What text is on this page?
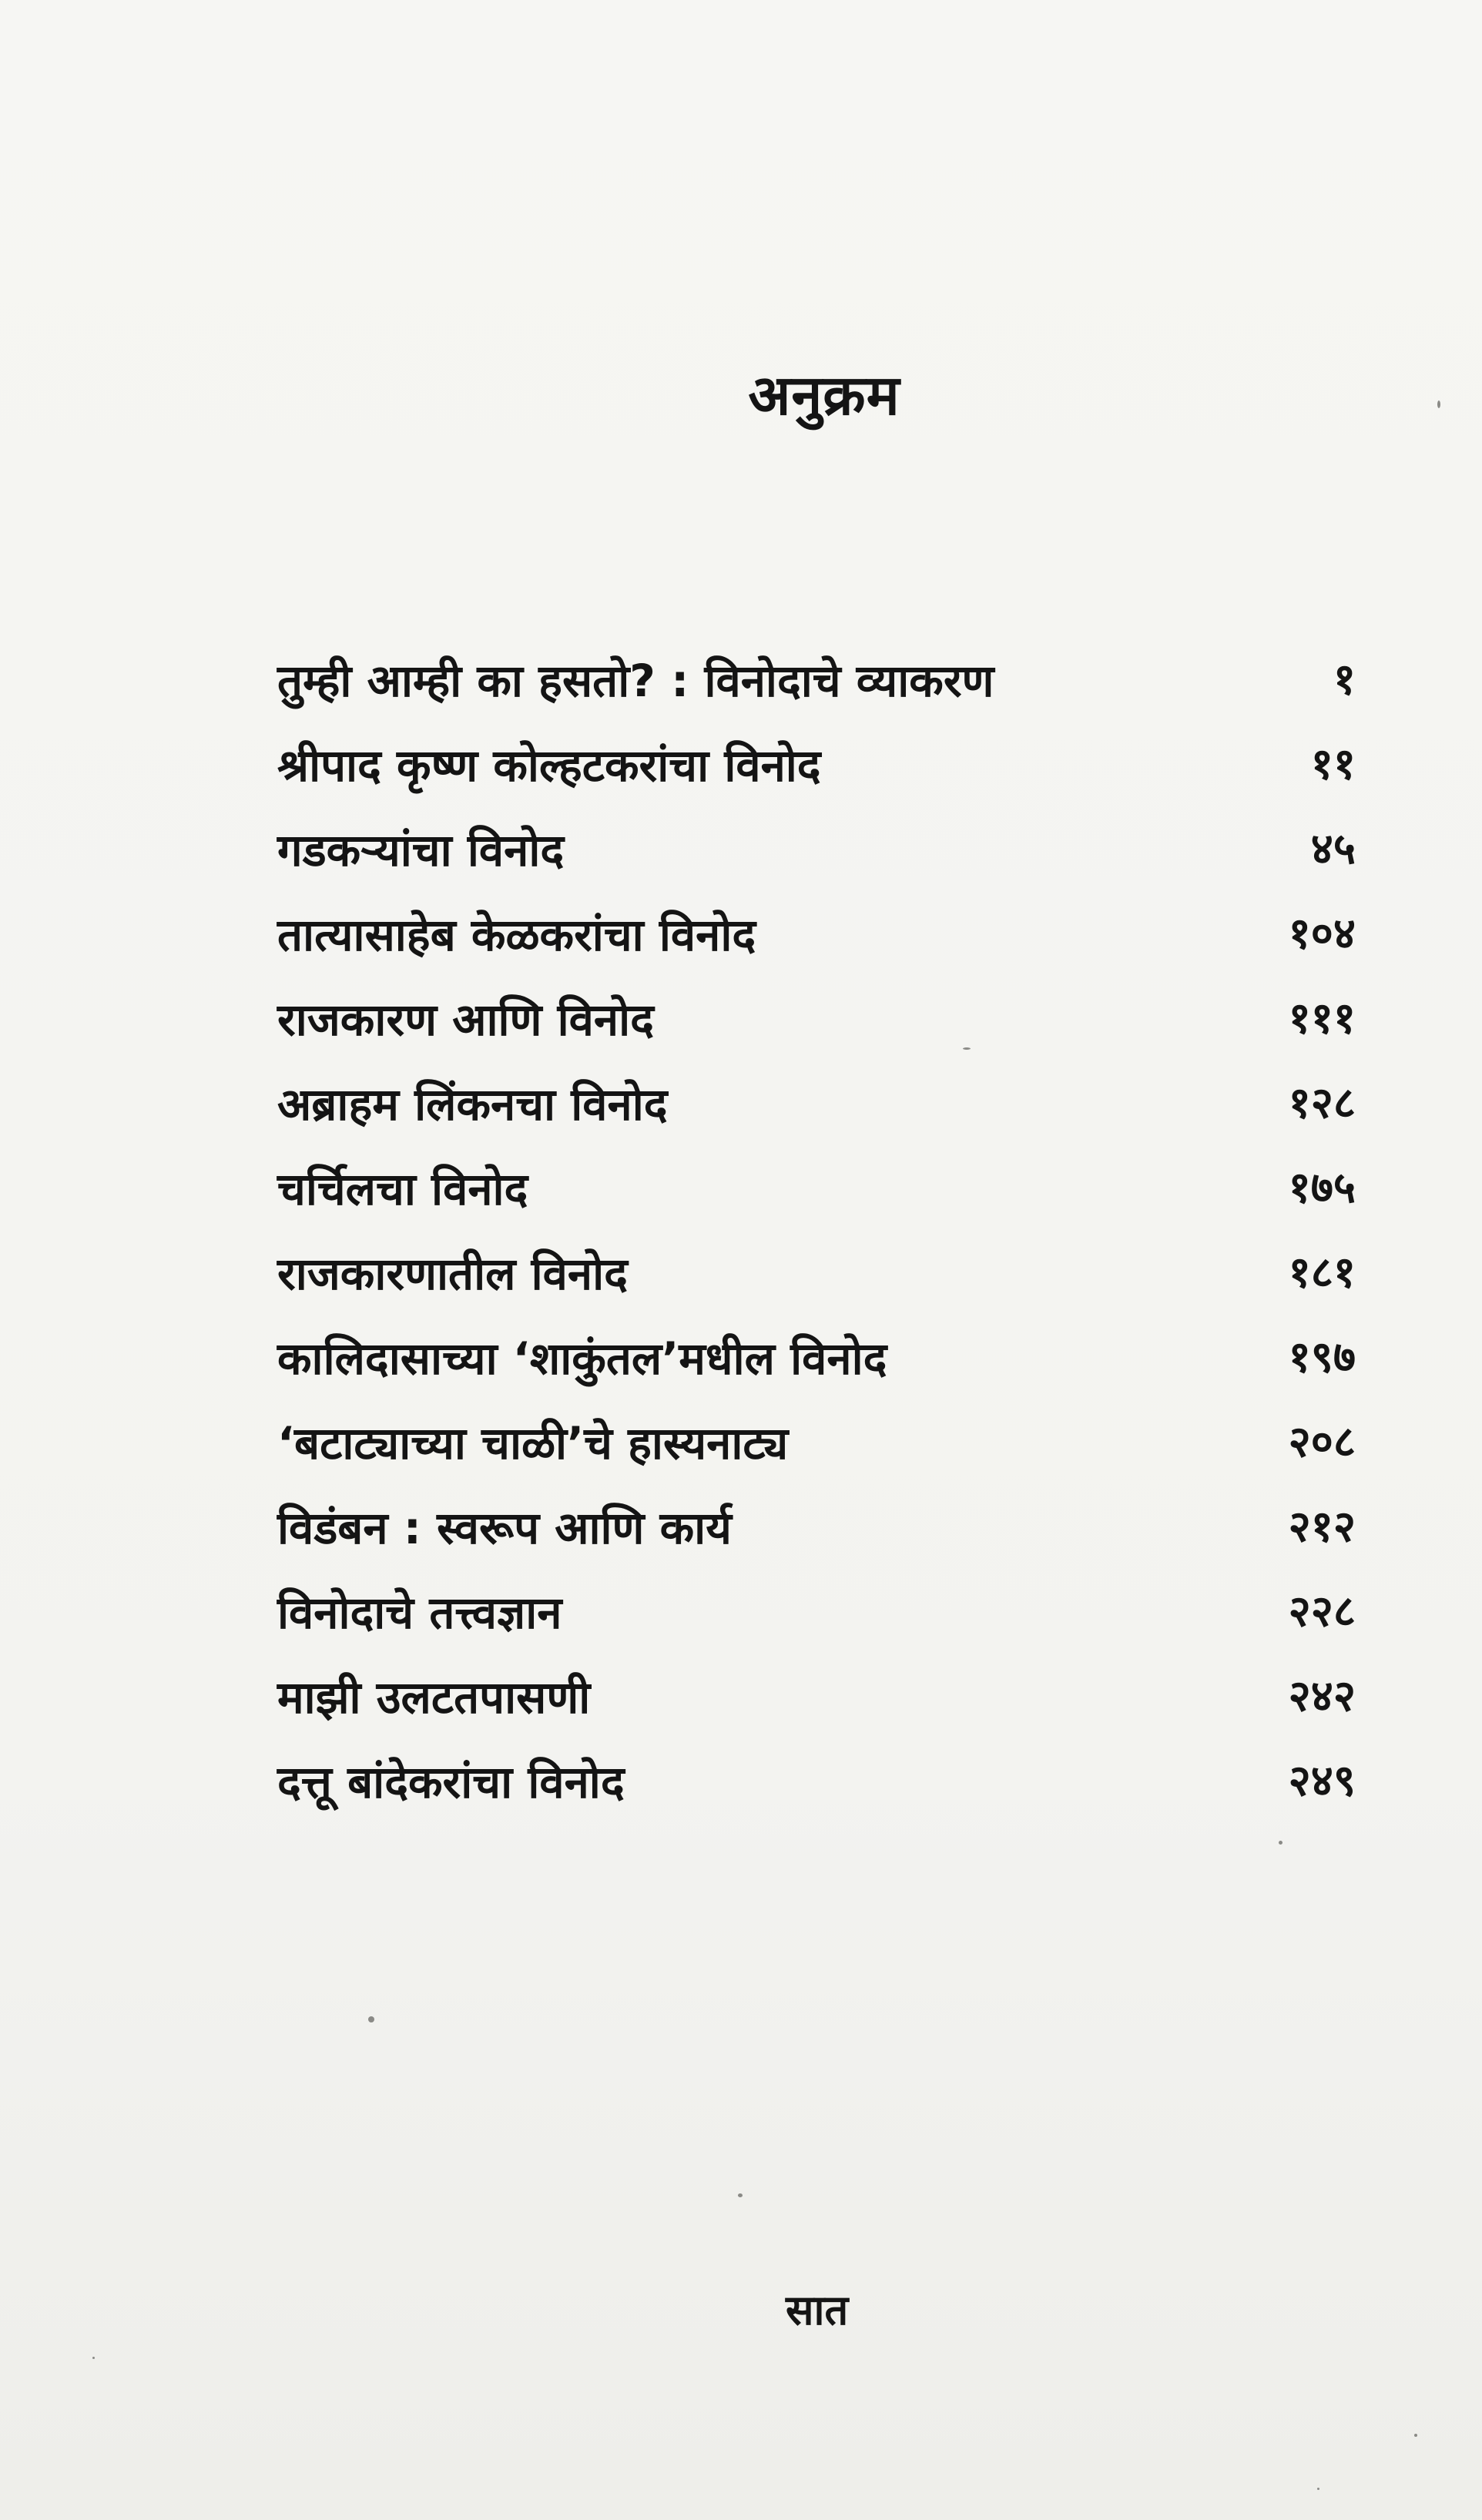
अनुक्रम
तुम्ही आम्ही का हसतो? : विनोदाचे व्याकरण	१
श्रीपाद कृष्ण कोल्हटकरांचा विनोद	११
गडकऱ्यांचा विनोद	४५
तात्यासाहेब केळकरांचा विनोद	१०४
राजकारण आणि विनोद	१११
अब्राहम लिंकनचा विनोद	१२८
चर्चिलचा विनोद	१७५
राजकारणातील विनोद	१८१
कालिदासाच्या ‘शाकुंतल’मधील विनोद	१९७
‘बटाट्याच्या चाळी’चे हास्यनाट्य	२०८
विडंबन : स्वरूप आणि कार्य	२१२
विनोदाचे तत्त्वज्ञान	२२८
माझी उलटतपासणी	२४२
दत्तू बांदेकरांचा विनोद	२४९
सात
